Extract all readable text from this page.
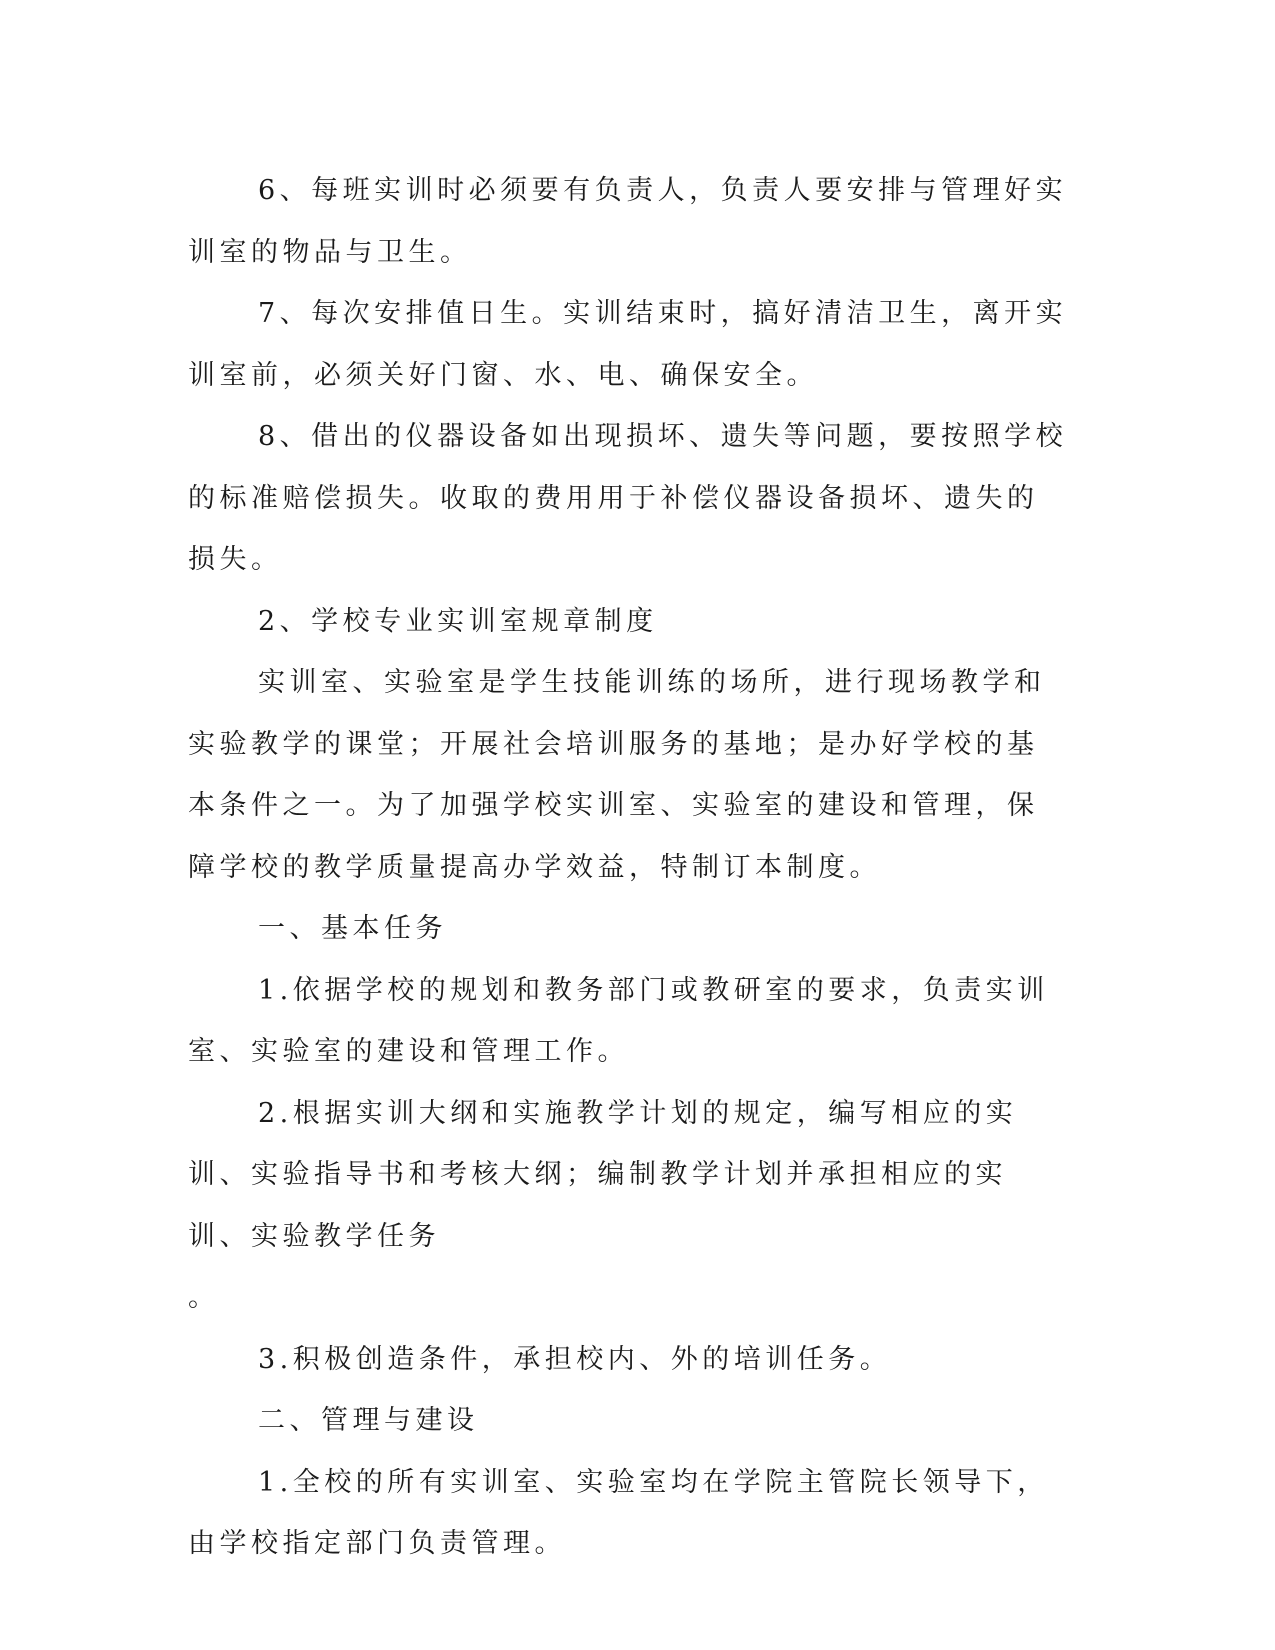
6、每班实训时必须要有负责人，负责人要安排与管理好实训室的物品与卫生。

7、每次安排值日生。实训结束时，搞好清洁卫生，离开实训室前，必须关好门窗、水、电、确保安全。

8、借出的仪器设备如出现损坏、遗失等问题，要按照学校的标准赔偿损失。收取的费用用于补偿仪器设备损坏、遗失的损失。

2、学校专业实训室规章制度

实训室、实验室是学生技能训练的场所，进行现场教学和实验教学的课堂；开展社会培训服务的基地；是办好学校的基本条件之一。为了加强学校实训室、实验室的建设和管理，保障学校的教学质量提高办学效益，特制订本制度。

一、基本任务

1.依据学校的规划和教务部门或教研室的要求，负责实训室、实验室的建设和管理工作。

2.根据实训大纲和实施教学计划的规定，编写相应的实训、实验指导书和考核大纲；编制教学计划并承担相应的实训、实验教学任务

。

3.积极创造条件，承担校内、外的培训任务。

二、管理与建设

1.全校的所有实训室、实验室均在学院主管院长领导下，由学校指定部门负责管理。
